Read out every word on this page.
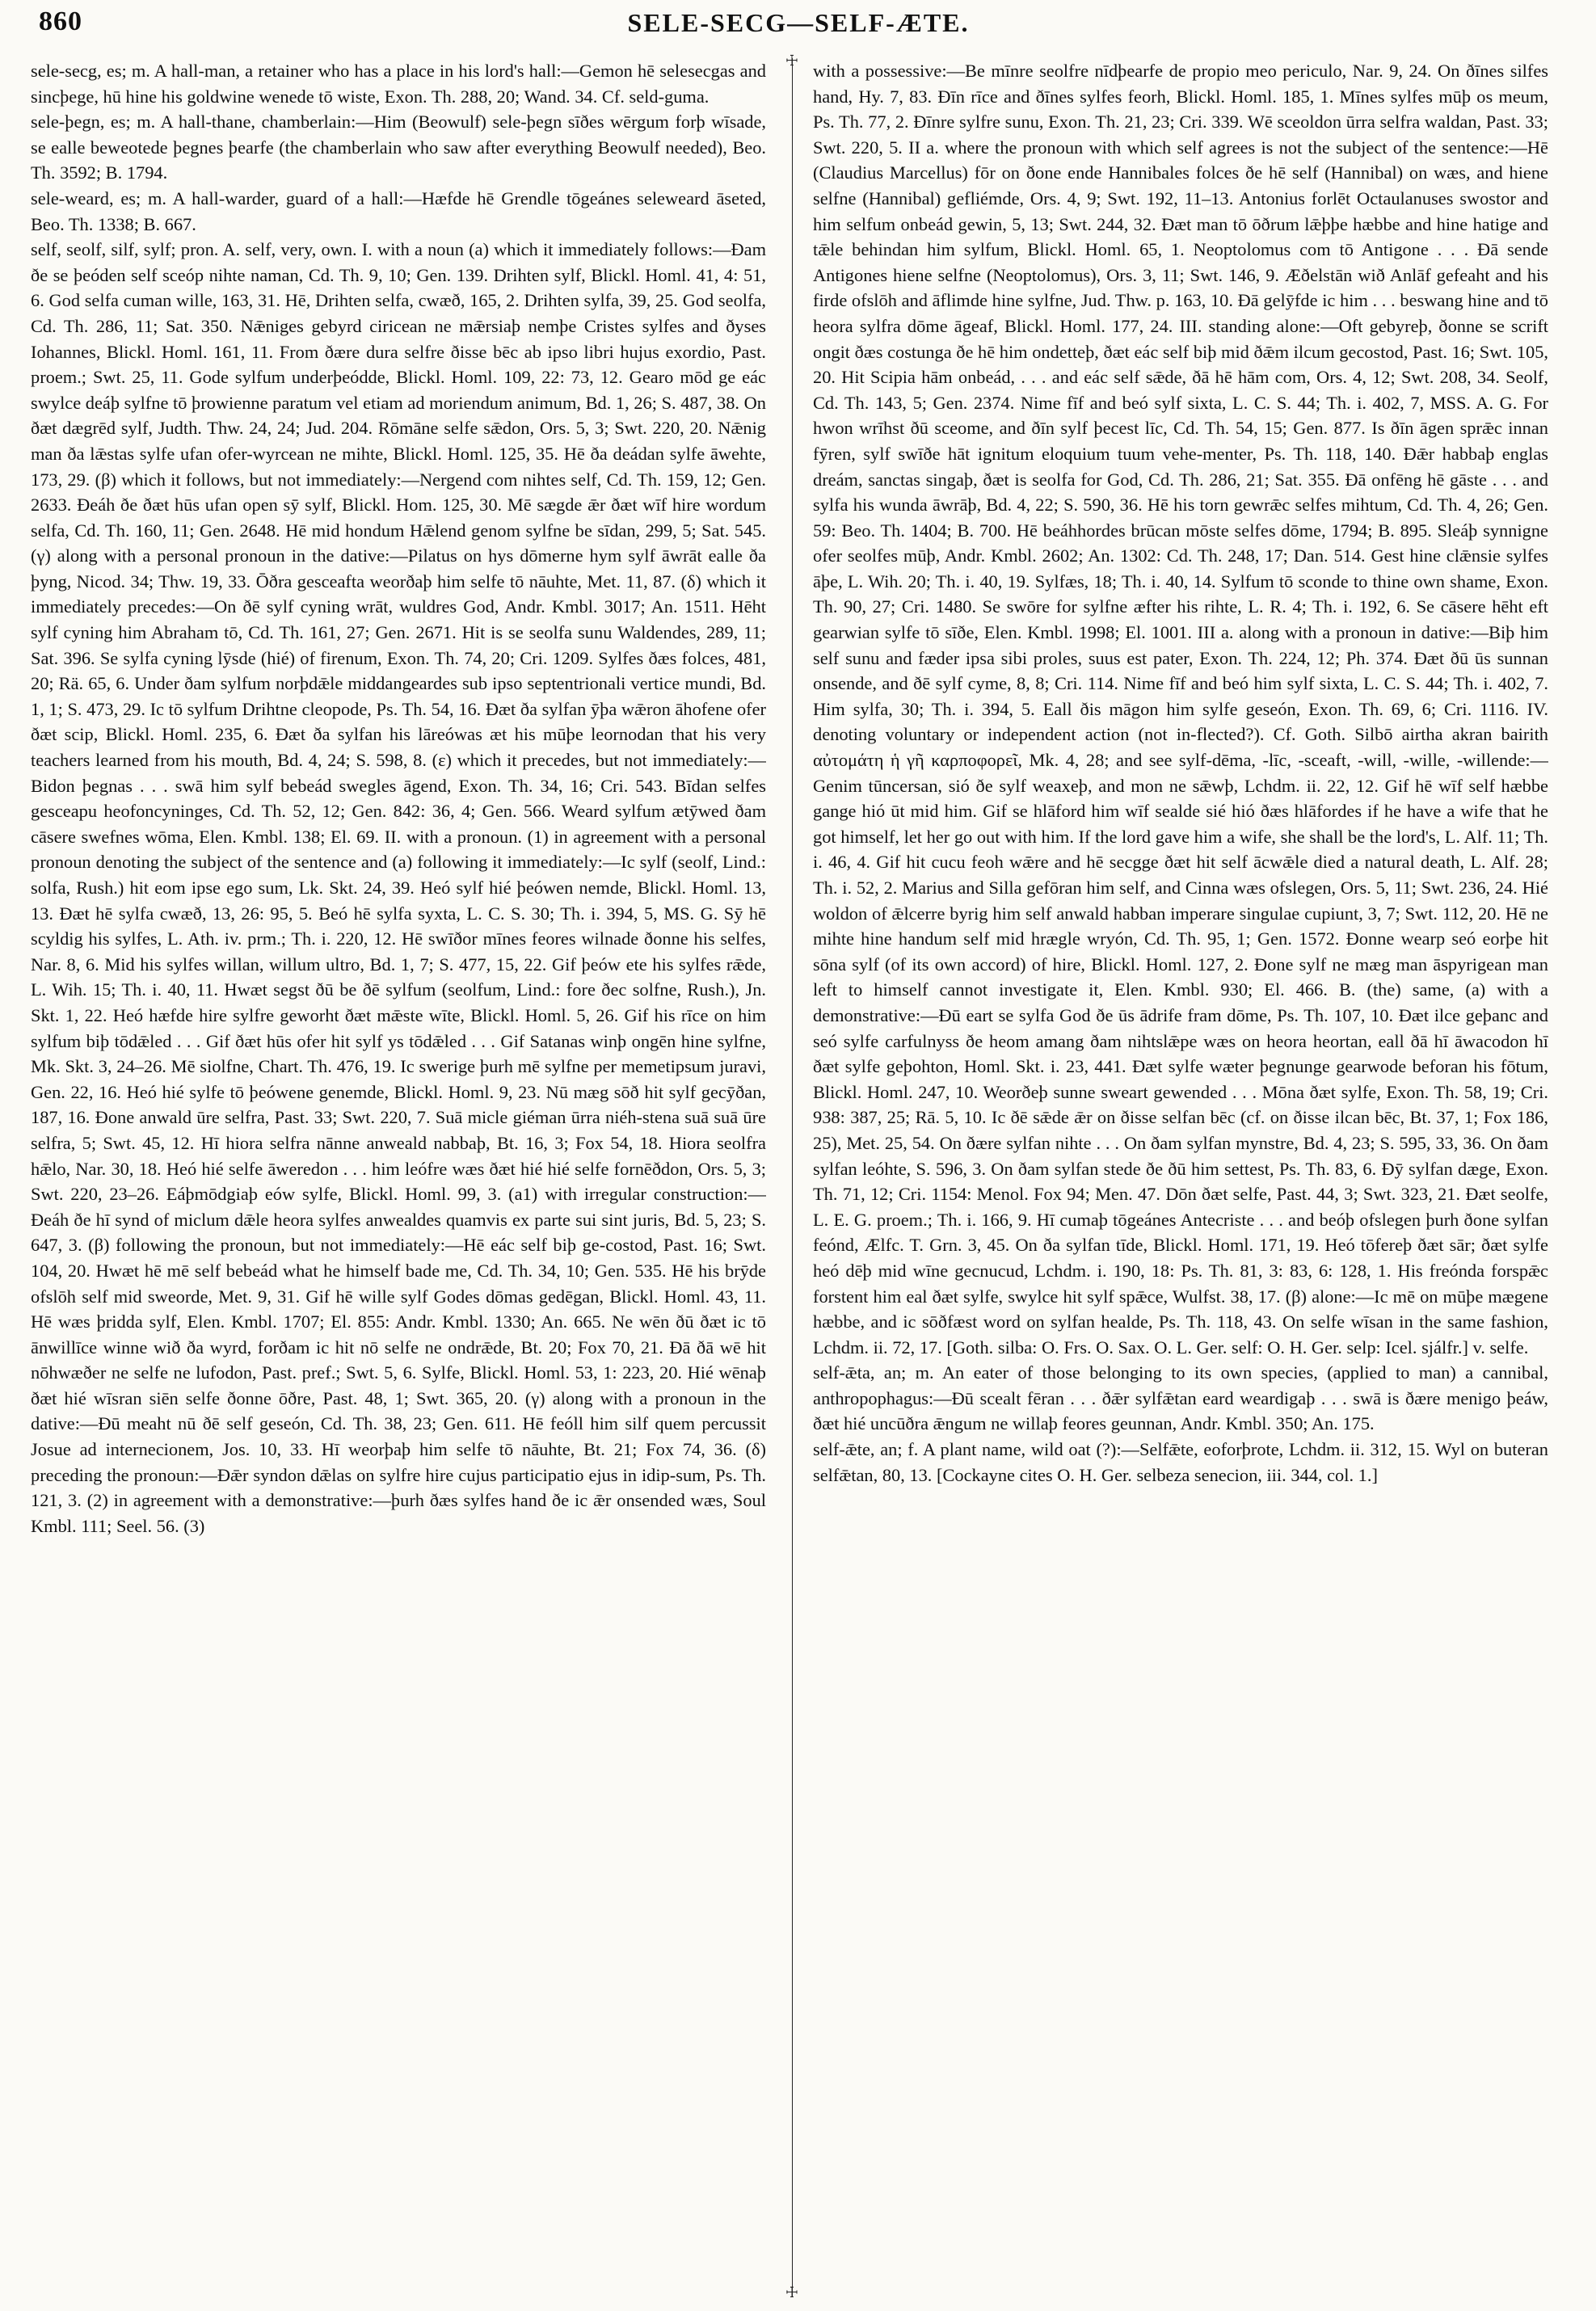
860	SELE-SECG—SELF-ÆTE.
☩
☩

sele-secg, es; m. A hall-man, a retainer who has a place in his lord's hall:—Gemon hē selesecgas and sincþege, hū hine his goldwine wenede tō wiste, Exon. Th. 288, 20; Wand. 34. Cf. seld-guma.

sele-þegn, es; m. A hall-thane, chamberlain:—Him (Beowulf) sele-þegn sīðes wērgum forþ wīsade, se ealle beweotede þegnes þearfe (the chamberlain who saw after everything Beowulf needed), Beo. Th. 3592; B. 1794.

sele-weard, es; m. A hall-warder, guard of a hall:—Hæfde hē Grendle tōgeánes seleweard āseted, Beo. Th. 1338; B. 667.

self, seolf, silf, sylf; pron. A. self, very, own. I. with a noun (a) which it immediately follows:—Ðam ðe se þeóden self sceóp nihte naman, Cd. Th. 9, 10; Gen. 139. Drihten sylf, Blickl. Homl. 41, 4: 51, 6. God selfa cuman wille, 163, 31. Hē, Drihten selfa, cwæð, 165, 2. Drihten sylfa, 39, 25. God seolfa, Cd. Th. 286, 11; Sat. 350. Nǣniges gebyrd ciricean ne mǣrsiaþ nemþe Cristes sylfes and ðyses Iohannes, Blickl. Homl. 161, 11. From ðære dura selfre ðisse bēc ab ipso libri hujus exordio, Past. proem.; Swt. 25, 11. Gode sylfum underþeódde, Blickl. Homl. 109, 22: 73, 12. Gearo mōd ge eác swylce deáþ sylfne tō þrowienne paratum vel etiam ad moriendum animum, Bd. 1, 26; S. 487, 38. On ðæt dægrēd sylf, Judth. Thw. 24, 24; Jud. 204. Rōmāne selfe sǣdon, Ors. 5, 3; Swt. 220, 20. Nǣnig man ða lǣstas sylfe ufan ofer-wyrcean ne mihte, Blickl. Homl. 125, 35. Hē ða deádan sylfe āwehte, 173, 29. (β) which it follows, but not immediately:—Nergend com nihtes self, Cd. Th. 159, 12; Gen. 2633. Ðeáh ðe ðæt hūs ufan open sȳ sylf, Blickl. Hom. 125, 30. Mē sægde ǣr ðæt wīf hire wordum selfa, Cd. Th. 160, 11; Gen. 2648. Hē mid hondum Hǣlend genom sylfne be sīdan, 299, 5; Sat. 545. (γ) along with a personal pronoun in the dative:—Pilatus on hys dōmerne hym sylf āwrāt ealle ða þyng, Nicod. 34; Thw. 19, 33. Ōðra gesceafta weorðaþ him selfe tō nāuhte, Met. 11, 87. (δ) which it immediately precedes:—On ðē sylf cyning wrāt, wuldres God, Andr. Kmbl. 3017; An. 1511. Hēht sylf cyning him Abraham tō, Cd. Th. 161, 27; Gen. 2671. Hit is se seolfa sunu Waldendes, 289, 11; Sat. 396. Se sylfa cyning lȳsde (hié) of firenum, Exon. Th. 74, 20; Cri. 1209. Sylfes ðæs folces, 481, 20; Rä. 65, 6. Under ðam sylfum norþdǣle middangeardes sub ipso septentrionali vertice mundi, Bd. 1, 1; S. 473, 29. Ic tō sylfum Drihtne cleopode, Ps. Th. 54, 16. Ðæt ða sylfan ȳþa wǣron āhofene ofer ðæt scip, Blickl. Homl. 235, 6. Ðæt ða sylfan his lāreówas æt his mūþe leornodan that his very teachers learned from his mouth, Bd. 4, 24; S. 598, 8. (ε) which it precedes, but not immediately:—Bidon þegnas . . . swā him sylf bebeád swegles āgend, Exon. Th. 34, 16; Cri. 543. Bīdan selfes gesceapu heofoncyninges, Cd. Th. 52, 12; Gen. 842: 36, 4; Gen. 566. Weard sylfum ætȳwed ðam cāsere swefnes wōma, Elen. Kmbl. 138; El. 69. II. with a pronoun. (1) in agreement with a personal pronoun denoting the subject of the sentence and (a) following it immediately:—Ic sylf (seolf, Lind.: solfa, Rush.) hit eom ipse ego sum, Lk. Skt. 24, 39. Heó sylf hié þeówen nemde, Blickl. Homl. 13, 13. Ðæt hē sylfa cwæð, 13, 26: 95, 5. Beó hē sylfa syxta, L. C. S. 30; Th. i. 394, 5, MS. G. Sȳ hē scyldig his sylfes, L. Ath. iv. prm.; Th. i. 220, 12. Hē swīðor mīnes feores wilnade ðonne his selfes, Nar. 8, 6. Mid his sylfes willan, willum ultro, Bd. 1, 7; S. 477, 15, 22. Gif þeów ete his sylfes rǣde, L. Wih. 15; Th. i. 40, 11. Hwæt segst ðū be ðē sylfum (seolfum, Lind.: fore ðec solfne, Rush.), Jn. Skt. 1, 22. Heó hæfde hire sylfre geworht ðæt mǣste wīte, Blickl. Homl. 5, 26. Gif his rīce on him sylfum biþ tōdǣled . . . Gif ðæt hūs ofer hit sylf ys tōdǣled . . . Gif Satanas winþ ongēn hine sylfne, Mk. Skt. 3, 24–26. Mē siolfne, Chart. Th. 476, 19. Ic swerige þurh mē sylfne per memetipsum juravi, Gen. 22, 16. Heó hié sylfe tō þeówene genemde, Blickl. Homl. 9, 23. Nū mæg sōð hit sylf gecȳðan, 187, 16. Ðone anwald ūre selfra, Past. 33; Swt. 220, 7. Suā micle giéman ūrra niéh-stena suā suā ūre selfra, 5; Swt. 45, 12. Hī hiora selfra nānne anweald nabbaþ, Bt. 16, 3; Fox 54, 18. Hiora seolfra hǣlo, Nar. 30, 18. Heó hié selfe āweredon . . . him leófre wæs ðæt hié hié selfe fornēðdon, Ors. 5, 3; Swt. 220, 23–26. Eáþmōdgiaþ eów sylfe, Blickl. Homl. 99, 3. (a1) with irregular construction:—Ðeáh ðe hī synd of miclum dǣle heora sylfes anwealdes quamvis ex parte sui sint juris, Bd. 5, 23; S. 647, 3. (β) following the pronoun, but not immediately:—Hē eác self biþ ge-costod, Past. 16; Swt. 104, 20. Hwæt hē mē self bebeád what he himself bade me, Cd. Th. 34, 10; Gen. 535. Hē his brȳde ofslōh self mid sweorde, Met. 9, 31. Gif hē wille sylf Godes dōmas gedēgan, Blickl. Homl. 43, 11. Hē wæs þridda sylf, Elen. Kmbl. 1707; El. 855: Andr. Kmbl. 1330; An. 665. Ne wēn ðū ðæt ic tō ānwillīce winne wið ða wyrd, forðam ic hit nō selfe ne ondrǣde, Bt. 20; Fox 70, 21. Ðā ðā wē hit nōhwæðer ne selfe ne lufodon, Past. pref.; Swt. 5, 6. Sylfe, Blickl. Homl. 53, 1: 223, 20. Hié wēnaþ ðæt hié wīsran siēn selfe ðonne ōðre, Past. 48, 1; Swt. 365, 20. (γ) along with a pronoun in the dative:—Ðū meaht nū ðē self geseón, Cd. Th. 38, 23; Gen. 611. Hē feóll him silf quem percussit Josue ad internecionem, Jos. 10, 33. Hī weorþaþ him selfe tō nāuhte, Bt. 21; Fox 74, 36. (δ) preceding the pronoun:—Ðǣr syndon dǣlas on sylfre hire cujus participatio ejus in idip-sum, Ps. Th. 121, 3. (2) in agreement with a demonstrative:—þurh ðæs sylfes hand ðe ic ǣr onsended wæs, Soul Kmbl. 111; Seel. 56. (3)

with a possessive:—Be mīnre seolfre nīdþearfe de propio meo periculo, Nar. 9, 24. On ðīnes silfes hand, Hy. 7, 83. Ðīn rīce and ðīnes sylfes feorh, Blickl. Homl. 185, 1. Mīnes sylfes mūþ os meum, Ps. Th. 77, 2. Ðīnre sylfre sunu, Exon. Th. 21, 23; Cri. 339. Wē sceoldon ūrra selfra waldan, Past. 33; Swt. 220, 5. II a. where the pronoun with which self agrees is not the subject of the sentence:—Hē (Claudius Marcellus) fōr on ðone ende Hannibales folces ðe hē self (Hannibal) on wæs, and hiene selfne (Hannibal) gefliémde, Ors. 4, 9; Swt. 192, 11–13. Antonius forlēt Octaulanuses swostor and him selfum onbeád gewin, 5, 13; Swt. 244, 32. Ðæt man tō ōðrum lǣþþe hæbbe and hine hatige and tǣle behindan him sylfum, Blickl. Homl. 65, 1. Neoptolomus com tō Antigone . . . Ðā sende Antigones hiene selfne (Neoptolomus), Ors. 3, 11; Swt. 146, 9. Æðelstān wið Anlāf gefeaht and his firde ofslōh and āflimde hine sylfne, Jud. Thw. p. 163, 10. Ðā gelȳfde ic him . . . beswang hine and tō heora sylfra dōme āgeaf, Blickl. Homl. 177, 24. III. standing alone:—Oft gebyreþ, ðonne se scrift ongit ðæs costunga ðe hē him ondetteþ, ðæt eác self biþ mid ðǣm ilcum gecostod, Past. 16; Swt. 105, 20. Hit Scipia hām onbeád, . . . and eác self sǣde, ðā hē hām com, Ors. 4, 12; Swt. 208, 34. Seolf, Cd. Th. 143, 5; Gen. 2374. Nime fīf and beó sylf sixta, L. C. S. 44; Th. i. 402, 7, MSS. A. G. For hwon wrīhst ðū sceome, and ðīn sylf þecest līc, Cd. Th. 54, 15; Gen. 877. Is ðīn āgen sprǣc innan fȳren, sylf swīðe hāt ignitum eloquium tuum vehe-menter, Ps. Th. 118, 140. Ðǣr habbaþ englas dreám, sanctas singaþ, ðæt is seolfa for God, Cd. Th. 286, 21; Sat. 355. Ðā onfēng hē gāste . . . and sylfa his wunda āwrāþ, Bd. 4, 22; S. 590, 36. Hē his torn gewrǣc selfes mihtum, Cd. Th. 4, 26; Gen. 59: Beo. Th. 1404; B. 700. Hē beáhhordes brūcan mōste selfes dōme, 1794; B. 895. Sleáþ synnigne ofer seolfes mūþ, Andr. Kmbl. 2602; An. 1302: Cd. Th. 248, 17; Dan. 514. Gest hine clǣnsie sylfes āþe, L. Wih. 20; Th. i. 40, 19. Sylfæs, 18; Th. i. 40, 14. Sylfum tō sconde to thine own shame, Exon. Th. 90, 27; Cri. 1480. Se swōre for sylfne æfter his rihte, L. R. 4; Th. i. 192, 6. Se cāsere hēht eft gearwian sylfe tō sīðe, Elen. Kmbl. 1998; El. 1001. III a. along with a pronoun in dative:—Biþ him self sunu and fæder ipsa sibi proles, suus est pater, Exon. Th. 224, 12; Ph. 374. Ðæt ðū ūs sunnan onsende, and ðē sylf cyme, 8, 8; Cri. 114. Nime fīf and beó him sylf sixta, L. C. S. 44; Th. i. 402, 7. Him sylfa, 30; Th. i. 394, 5. Eall ðis māgon him sylfe geseón, Exon. Th. 69, 6; Cri. 1116. IV. denoting voluntary or independent action (not in-flected?). Cf. Goth. Silbō airtha akran bairith αὐτομάτη ἡ γῆ καρποφορεῖ, Mk. 4, 28; and see sylf-dēma, -līc, -sceaft, -will, -wille, -willende:—Genim tūncersan, sió ðe sylf weaxeþ, and mon ne sǣwþ, Lchdm. ii. 22, 12. Gif hē wīf self hæbbe gange hió ūt mid him. Gif se hlāford him wīf sealde sié hió ðæs hlāfordes if he have a wife that he got himself, let her go out with him. If the lord gave him a wife, she shall be the lord's, L. Alf. 11; Th. i. 46, 4. Gif hit cucu feoh wǣre and hē secgge ðæt hit self ācwǣle died a natural death, L. Alf. 28; Th. i. 52, 2. Marius and Silla gefōran him self, and Cinna wæs ofslegen, Ors. 5, 11; Swt. 236, 24. Hié woldon of ǣlcerre byrig him self anwald habban imperare singulae cupiunt, 3, 7; Swt. 112, 20. Hē ne mihte hine handum self mid hrægle wryón, Cd. Th. 95, 1; Gen. 1572. Ðonne wearp seó eorþe hit sōna sylf (of its own accord) of hire, Blickl. Homl. 127, 2. Ðone sylf ne mæg man āspyrigean man left to himself cannot investigate it, Elen. Kmbl. 930; El. 466. B. (the) same, (a) with a demonstrative:—Ðū eart se sylfa God ðe ūs ādrife fram dōme, Ps. Th. 107, 10. Ðæt ilce geþanc and seó sylfe carfulnyss ðe heom amang ðam nihtslǣpe wæs on heora heortan, eall ðā hī āwacodon hī ðæt sylfe geþohton, Homl. Skt. i. 23, 441. Ðæt sylfe wæter þegnunge gearwode beforan his fōtum, Blickl. Homl. 247, 10. Weorðeþ sunne sweart gewended . . . Mōna ðæt sylfe, Exon. Th. 58, 19; Cri. 938: 387, 25; Rā. 5, 10. Ic ðē sǣde ǣr on ðisse selfan bēc (cf. on ðisse ilcan bēc, Bt. 37, 1; Fox 186, 25), Met. 25, 54. On ðære sylfan nihte . . . On ðam sylfan mynstre, Bd. 4, 23; S. 595, 33, 36. On ðam sylfan leóhte, S. 596, 3. On ðam sylfan stede ðe ðū him settest, Ps. Th. 83, 6. Ðȳ sylfan dæge, Exon. Th. 71, 12; Cri. 1154: Menol. Fox 94; Men. 47. Dōn ðæt selfe, Past. 44, 3; Swt. 323, 21. Ðæt seolfe, L. E. G. proem.; Th. i. 166, 9. Hī cumaþ tōgeánes Antecriste . . . and beóþ ofslegen þurh ðone sylfan feónd, Ælfc. T. Grn. 3, 45. On ða sylfan tīde, Blickl. Homl. 171, 19. Heó tōfereþ ðæt sār; ðæt sylfe heó dēþ mid wīne gecnucud, Lchdm. i. 190, 18: Ps. Th. 81, 3: 83, 6: 128, 1. His freónda forspǣc forstent him eal ðæt sylfe, swylce hit sylf spǣce, Wulfst. 38, 17. (β) alone:—Ic mē on mūþe mægene hæbbe, and ic sōðfæst word on sylfan healde, Ps. Th. 118, 43. On selfe wīsan in the same fashion, Lchdm. ii. 72, 17. [Goth. silba: O. Frs. O. Sax. O. L. Ger. self: O. H. Ger. selp: Icel. sjálfr.] v. selfe.

self-ǣta, an; m. An eater of those belonging to its own species, (applied to man) a cannibal, anthropophagus:—Ðū scealt fēran . . . ðǣr sylfǣtan eard weardigaþ . . . swā is ðære menigo þeáw, ðæt hié uncūðra ǣngum ne willaþ feores geunnan, Andr. Kmbl. 350; An. 175.

self-ǣte, an; f. A plant name, wild oat (?):—Selfǣte, eoforþrote, Lchdm. ii. 312, 15. Wyl on buteran selfǣtan, 80, 13. [Cockayne cites O. H. Ger. selbeza senecion, iii. 344, col. 1.]
